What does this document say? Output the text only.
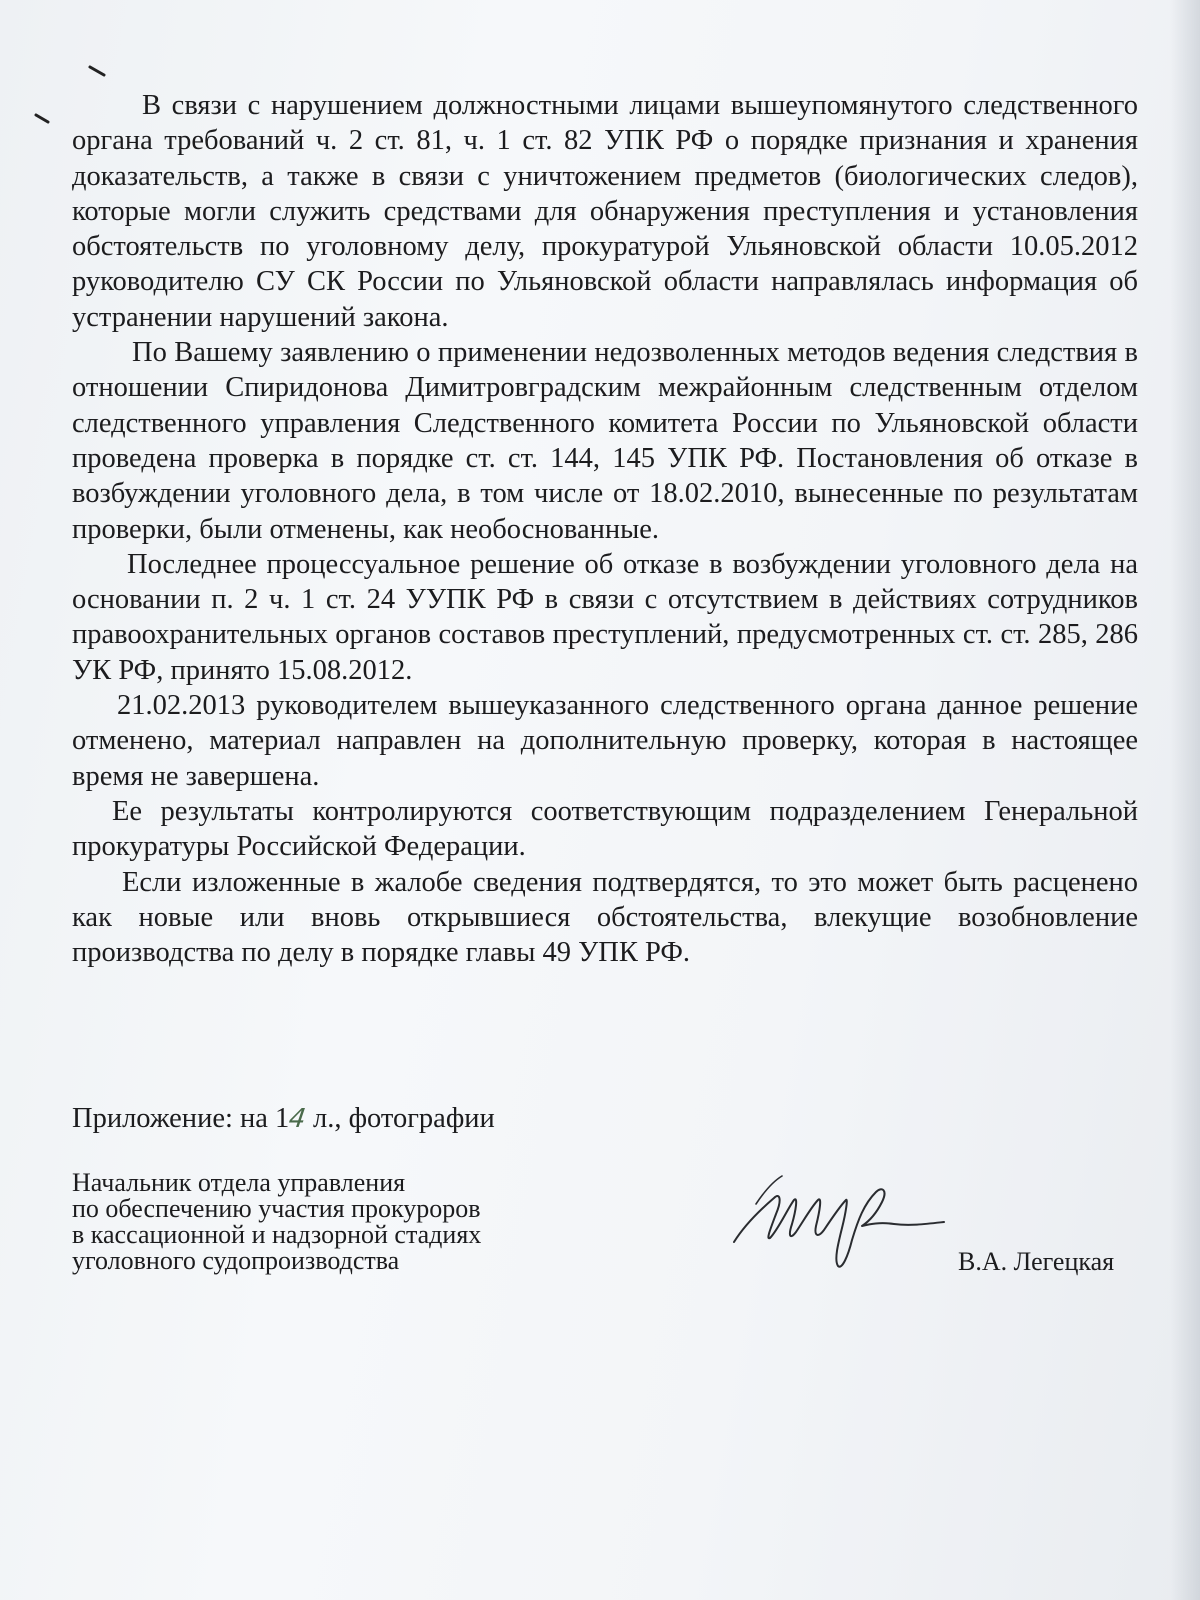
В связи с нарушением должностными лицами вышеупомянутого следственного органа требований ч. 2 ст. 81, ч. 1 ст. 82 УПК РФ о порядке признания и хранения доказательств, а также в связи с уничтожением предметов (биологических следов), которые могли служить средствами для обнаружения преступления и установления обстоятельств по уголовному делу, прокуратурой Ульяновской области 10.05.2012 руководителю СУ СК России по Ульяновской области направлялась информация об устранении нарушений закона.

По Вашему заявлению о применении недозволенных методов ведения следствия в отношении Спиридонова Димитровградским межрайонным следственным отделом следственного управления Следственного комитета России по Ульяновской области проведена проверка в порядке ст. ст. 144, 145 УПК РФ. Постановления об отказе в возбуждении уголовного дела, в том числе от 18.02.2010, вынесенные по результатам проверки, были отменены, как необоснованные.

Последнее процессуальное решение об отказе в возбуждении уголовного дела на основании п. 2 ч. 1 ст. 24 УУПК РФ в связи с отсутствием в действиях сотрудников правоохранительных органов составов преступлений, предусмотренных ст. ст. 285, 286 УК РФ, принято 15.08.2012.

21.02.2013 руководителем вышеуказанного следственного органа данное решение отменено, материал направлен на дополнительную проверку, которая в настоящее время не завершена.

Ее результаты контролируются соответствующим подразделением Генеральной прокуратуры Российской Федерации.

Если изложенные в жалобе сведения подтвердятся, то это может быть расценено как новые или вновь открывшиеся обстоятельства, влекущие возобновление производства по делу в порядке главы 49 УПК РФ.

Приложение: на 14 л., фотографии
Начальник отдела управления
по обеспечению участия прокуроров
в кассационной и надзорной стадиях
уголовного судопроизводства	В.А. Легецкая
